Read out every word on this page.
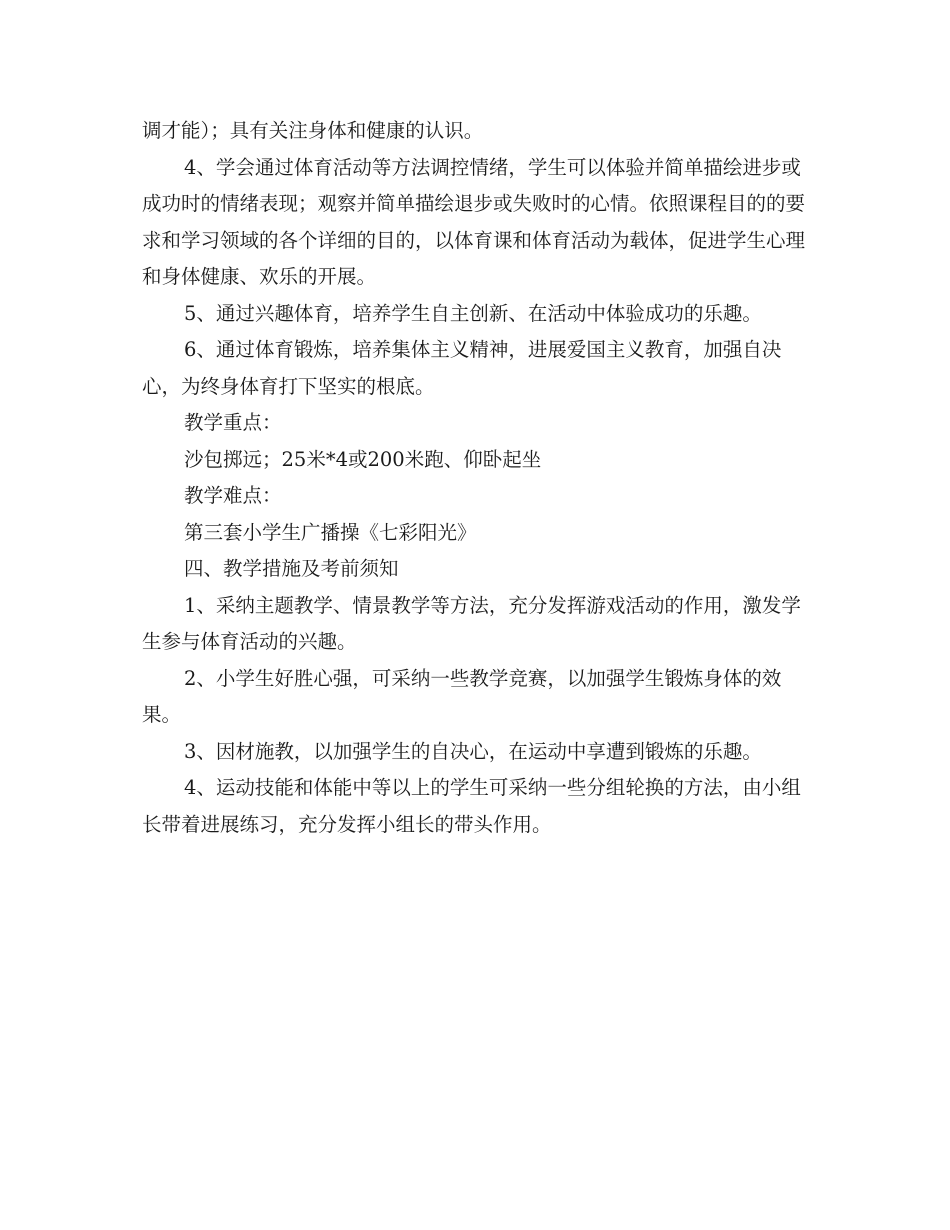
调才能）；具有关注身体和健康的认识。

4、学会通过体育活动等方法调控情绪，学生可以体验并简单描绘进步或成功时的情绪表现；观察并简单描绘退步或失败时的心情。依照课程目的的要求和学习领域的各个详细的目的，以体育课和体育活动为载体，促进学生心理和身体健康、欢乐的开展。

5、通过兴趣体育，培养学生自主创新、在活动中体验成功的乐趣。

6、通过体育锻炼，培养集体主义精神，进展爱国主义教育，加强自决心，为终身体育打下坚实的根底。

教学重点：

沙包掷远；25米*4或200米跑、仰卧起坐

教学难点：

第三套小学生广播操《七彩阳光》

四、教学措施及考前须知

1、采纳主题教学、情景教学等方法，充分发挥游戏活动的作用，激发学生参与体育活动的兴趣。

2、小学生好胜心强，可采纳一些教学竞赛，以加强学生锻炼身体的效果。

3、因材施教，以加强学生的自决心，在运动中享遭到锻炼的乐趣。

4、运动技能和体能中等以上的学生可采纳一些分组轮换的方法，由小组长带着进展练习，充分发挥小组长的带头作用。
